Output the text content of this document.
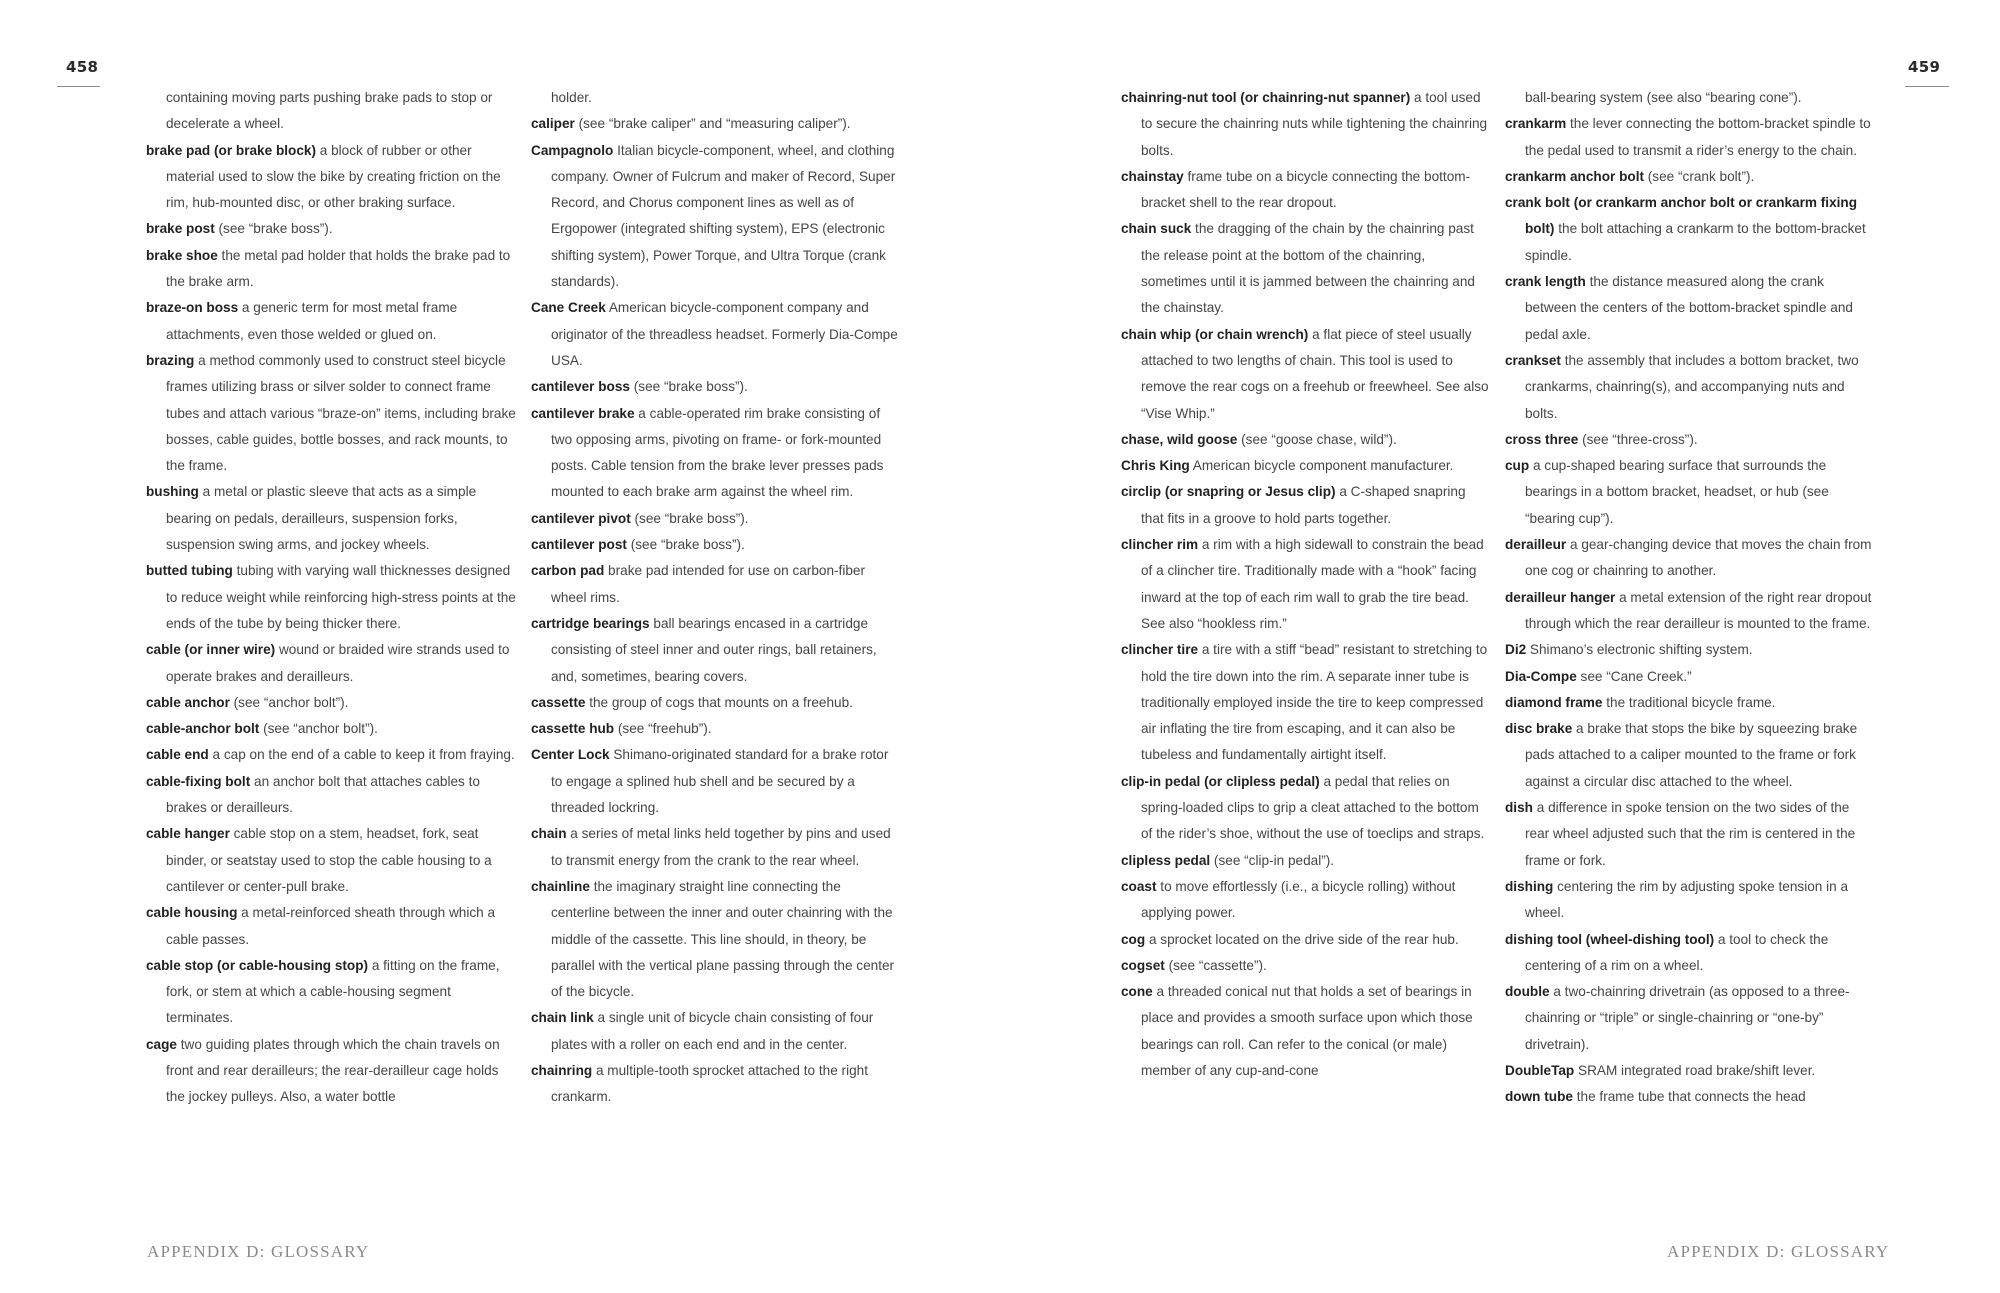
458	459

containing moving parts pushing brake pads to stop or decelerate a wheel.

brake pad (or brake block) a block of rubber or other material used to slow the bike by creating friction on the rim, hub-mounted disc, or other braking surface.

brake post (see “brake boss”).

brake shoe the metal pad holder that holds the brake pad to the brake arm.

braze-on boss a generic term for most metal frame attachments, even those welded or glued on.

brazing a method commonly used to construct steel bicycle frames utilizing brass or silver solder to connect frame tubes and attach various “braze-on” items, including brake bosses, cable guides, bottle bosses, and rack mounts, to the frame.

bushing a metal or plastic sleeve that acts as a simple bearing on pedals, derailleurs, suspension forks, suspension swing arms, and jockey wheels.

butted tubing tubing with varying wall thicknesses designed to reduce weight while reinforcing high-stress points at the ends of the tube by being thicker there.

cable (or inner wire) wound or braided wire strands used to operate brakes and derailleurs.

cable anchor (see “anchor bolt”).

cable-anchor bolt (see “anchor bolt”).

cable end a cap on the end of a cable to keep it from fraying.

cable-fixing bolt an anchor bolt that attaches cables to brakes or derailleurs.

cable hanger cable stop on a stem, headset, fork, seat binder, or seatstay used to stop the cable housing to a cantilever or center-pull brake.

cable housing a metal-reinforced sheath through which a cable passes.

cable stop (or cable-housing stop) a fitting on the frame, fork, or stem at which a cable-housing segment terminates.

cage two guiding plates through which the chain travels on front and rear derailleurs; the rear-derailleur cage holds the jockey pulleys. Also, a water bottle

holder.

caliper (see “brake caliper” and “measuring caliper”).

Campagnolo Italian bicycle-component, wheel, and clothing company. Owner of Fulcrum and maker of Record, Super Record, and Chorus component lines as well as of Ergopower (integrated shifting system), EPS (electronic shifting system), Power Torque, and Ultra Torque (crank standards).

Cane Creek American bicycle-component company and originator of the threadless headset. Formerly Dia-Compe USA.

cantilever boss (see “brake boss”).

cantilever brake a cable-operated rim brake consisting of two opposing arms, pivoting on frame- or fork-mounted posts. Cable tension from the brake lever presses pads mounted to each brake arm against the wheel rim.

cantilever pivot (see “brake boss”).

cantilever post (see “brake boss”).

carbon pad brake pad intended for use on carbon-fiber wheel rims.

cartridge bearings ball bearings encased in a cartridge consisting of steel inner and outer rings, ball retainers, and, sometimes, bearing covers.

cassette the group of cogs that mounts on a freehub.

cassette hub (see “freehub”).

Center Lock Shimano-originated standard for a brake rotor to engage a splined hub shell and be secured by a threaded lockring.

chain a series of metal links held together by pins and used to transmit energy from the crank to the rear wheel.

chainline the imaginary straight line connecting the centerline between the inner and outer chainring with the middle of the cassette. This line should, in theory, be parallel with the vertical plane passing through the center of the bicycle.

chain link a single unit of bicycle chain consisting of four plates with a roller on each end and in the center.

chainring a multiple-tooth sprocket attached to the right crankarm.

chainring-nut tool (or chainring-nut spanner) a tool used to secure the chainring nuts while tightening the chainring bolts.

chainstay frame tube on a bicycle connecting the bottom-bracket shell to the rear dropout.

chain suck the dragging of the chain by the chainring past the release point at the bottom of the chainring, sometimes until it is jammed between the chainring and the chainstay.

chain whip (or chain wrench) a flat piece of steel usually attached to two lengths of chain. This tool is used to remove the rear cogs on a freehub or freewheel. See also “Vise Whip.”

chase, wild goose (see “goose chase, wild”).

Chris King American bicycle component manufacturer.

circlip (or snapring or Jesus clip) a C-shaped snapring that fits in a groove to hold parts together.

clincher rim a rim with a high sidewall to constrain the bead of a clincher tire. Traditionally made with a “hook” facing inward at the top of each rim wall to grab the tire bead. See also “hookless rim.”

clincher tire a tire with a stiff “bead” resistant to stretching to hold the tire down into the rim. A separate inner tube is traditionally employed inside the tire to keep compressed air inflating the tire from escaping, and it can also be tubeless and fundamentally airtight itself.

clip-in pedal (or clipless pedal) a pedal that relies on spring-loaded clips to grip a cleat attached to the bottom of the rider’s shoe, without the use of toeclips and straps.

clipless pedal (see “clip-in pedal”).

coast to move effortlessly (i.e., a bicycle rolling) without applying power.

cog a sprocket located on the drive side of the rear hub.

cogset (see “cassette”).

cone a threaded conical nut that holds a set of bearings in place and provides a smooth surface upon which those bearings can roll. Can refer to the conical (or male) member of any cup-and-cone

ball-bearing system (see also “bearing cone”).

crankarm the lever connecting the bottom-bracket spindle to the pedal used to transmit a rider’s energy to the chain.

crankarm anchor bolt (see “crank bolt”).

crank bolt (or crankarm anchor bolt or crankarm fixing bolt) the bolt attaching a crankarm to the bottom-bracket spindle.

crank length the distance measured along the crank between the centers of the bottom-bracket spindle and pedal axle.

crankset the assembly that includes a bottom bracket, two crankarms, chainring(s), and accompanying nuts and bolts.

cross three (see “three-cross”).

cup a cup-shaped bearing surface that surrounds the bearings in a bottom bracket, headset, or hub (see “bearing cup”).

derailleur a gear-changing device that moves the chain from one cog or chainring to another.

derailleur hanger a metal extension of the right rear dropout through which the rear derailleur is mounted to the frame.

Di2 Shimano’s electronic shifting system.

Dia-Compe see “Cane Creek.”

diamond frame the traditional bicycle frame.

disc brake a brake that stops the bike by squeezing brake pads attached to a caliper mounted to the frame or fork against a circular disc attached to the wheel.

dish a difference in spoke tension on the two sides of the rear wheel adjusted such that the rim is centered in the frame or fork.

dishing centering the rim by adjusting spoke tension in a wheel.

dishing tool (wheel-dishing tool) a tool to check the centering of a rim on a wheel.

double a two-chainring drivetrain (as opposed to a three-chainring or “triple” or single-chainring or “one-by” drivetrain).

DoubleTap SRAM integrated road brake/shift lever.

down tube the frame tube that connects the head

APPENDIX D: GLOSSARY	APPENDIX D: GLOSSARY
